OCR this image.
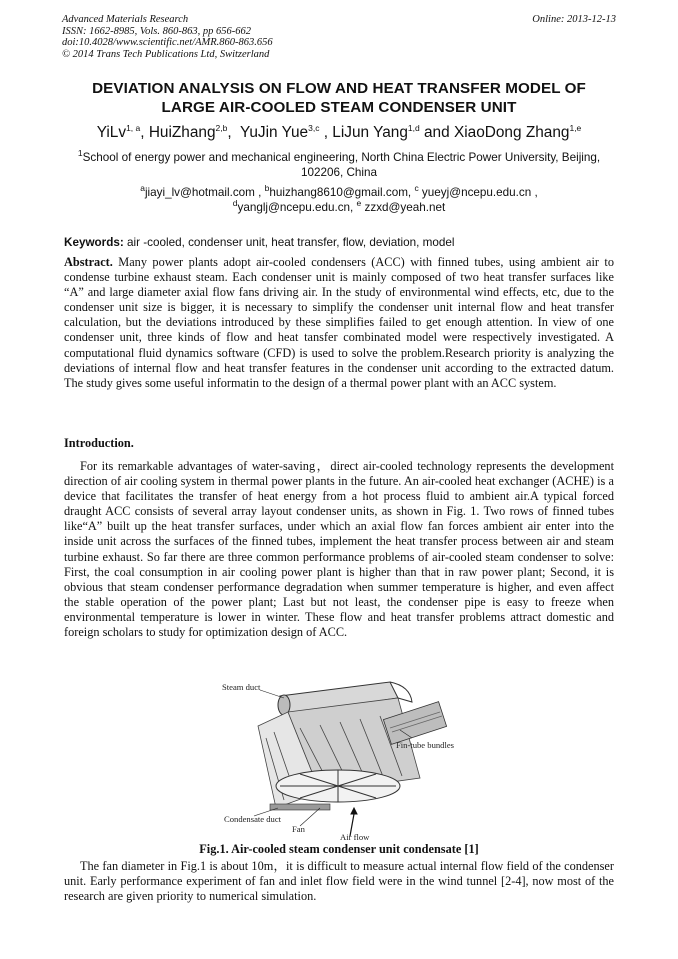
Advanced Materials Research
ISSN: 1662-8985, Vols. 860-863, pp 656-662
doi:10.4028/www.scientific.net/AMR.860-863.656
© 2014 Trans Tech Publications Ltd, Switzerland
Online: 2013-12-13
DEVIATION ANALYSIS ON FLOW AND HEAT TRANSFER MODEL OF
LARGE AIR-COOLED STEAM CONDENSER UNIT
YiLv$^{1, a}$, HuiZhang$^{2,b}$,  YuJin Yue$^{3,c}$ , LiJun Yang$^{1,d}$ and XiaoDong Zhang$^{1,e}$
$^1$School of energy power and mechanical engineering, North China Electric Power University, Beijing, 102206, China
$^a$jiayi_lv@hotmail.com , $^b$huizhang8610@gmail.com, $^c$ yueyj@ncepu.edu.cn ,
$^d$yanglj@ncepu.edu.cn, $^e$ zzxd@yeah.net
Keywords: air -cooled, condenser unit, heat transfer, flow, deviation, model
Abstract. Many power plants adopt air-cooled condensers (ACC) with finned tubes, using ambient air to condense turbine exhaust steam. Each condenser unit is mainly composed of two heat transfer surfaces like “A” and large diameter axial flow fans driving air. In the study of environmental wind effects, etc, due to the condenser unit size is bigger, it is necessary to simplify the condenser unit internal flow and heat transfer calculation, but the deviations introduced by these simplifies failed to get enough attention. In view of one condenser unit, three kinds of flow and heat tansfer combinated model were respectively investigated. A computational fluid dynamics software (CFD) is used to solve the problem.Research priority is analyzing the deviations of internal flow and heat transfer features in the condenser unit according to the extracted datum. The study gives some useful informatin to the design of a thermal power plant with an ACC system.
Introduction.
For its remarkable advantages of water-saving，direct air-cooled technology represents the development direction of air cooling system in thermal power plants in the future. An air-cooled heat exchanger (ACHE) is a device that facilitates the transfer of heat energy from a hot process fluid to ambient air.A typical forced draught ACC consists of several array layout condenser units, as shown in Fig. 1. Two rows of finned tubes like“A” built up the heat transfer surfaces, under which an axial flow fan forces ambient air enter into the inside unit across the surfaces of the finned tubes, implement the heat transfer process between air and steam turbine exhaust. So far there are three common performance problems of air-cooled steam condenser to solve: First, the coal consumption in air cooling power plant is higher than that in raw power plant; Second, it is obvious that steam condenser performance degradation when summer temperature is higher, and even affect the stable operation of the power plant; Last but not least, the condenser pipe is easy to freeze when environmental temperature is lower in winter. These flow and heat transfer problems attract domestic and foreign scholars to study for optimization design of ACC.
Steam duct
Fin-tube bundles
Condensate duct
Fan
Air flow
Fig.1. Air-cooled steam condenser unit condensate [1]
The fan diameter in Fig.1 is about 10m，it is difficult to measure actual internal flow field of the condenser unit. Early performance experiment of fan and inlet flow field were in the wind tunnel [2-4], now most of the research are given priority to numerical simulation.
